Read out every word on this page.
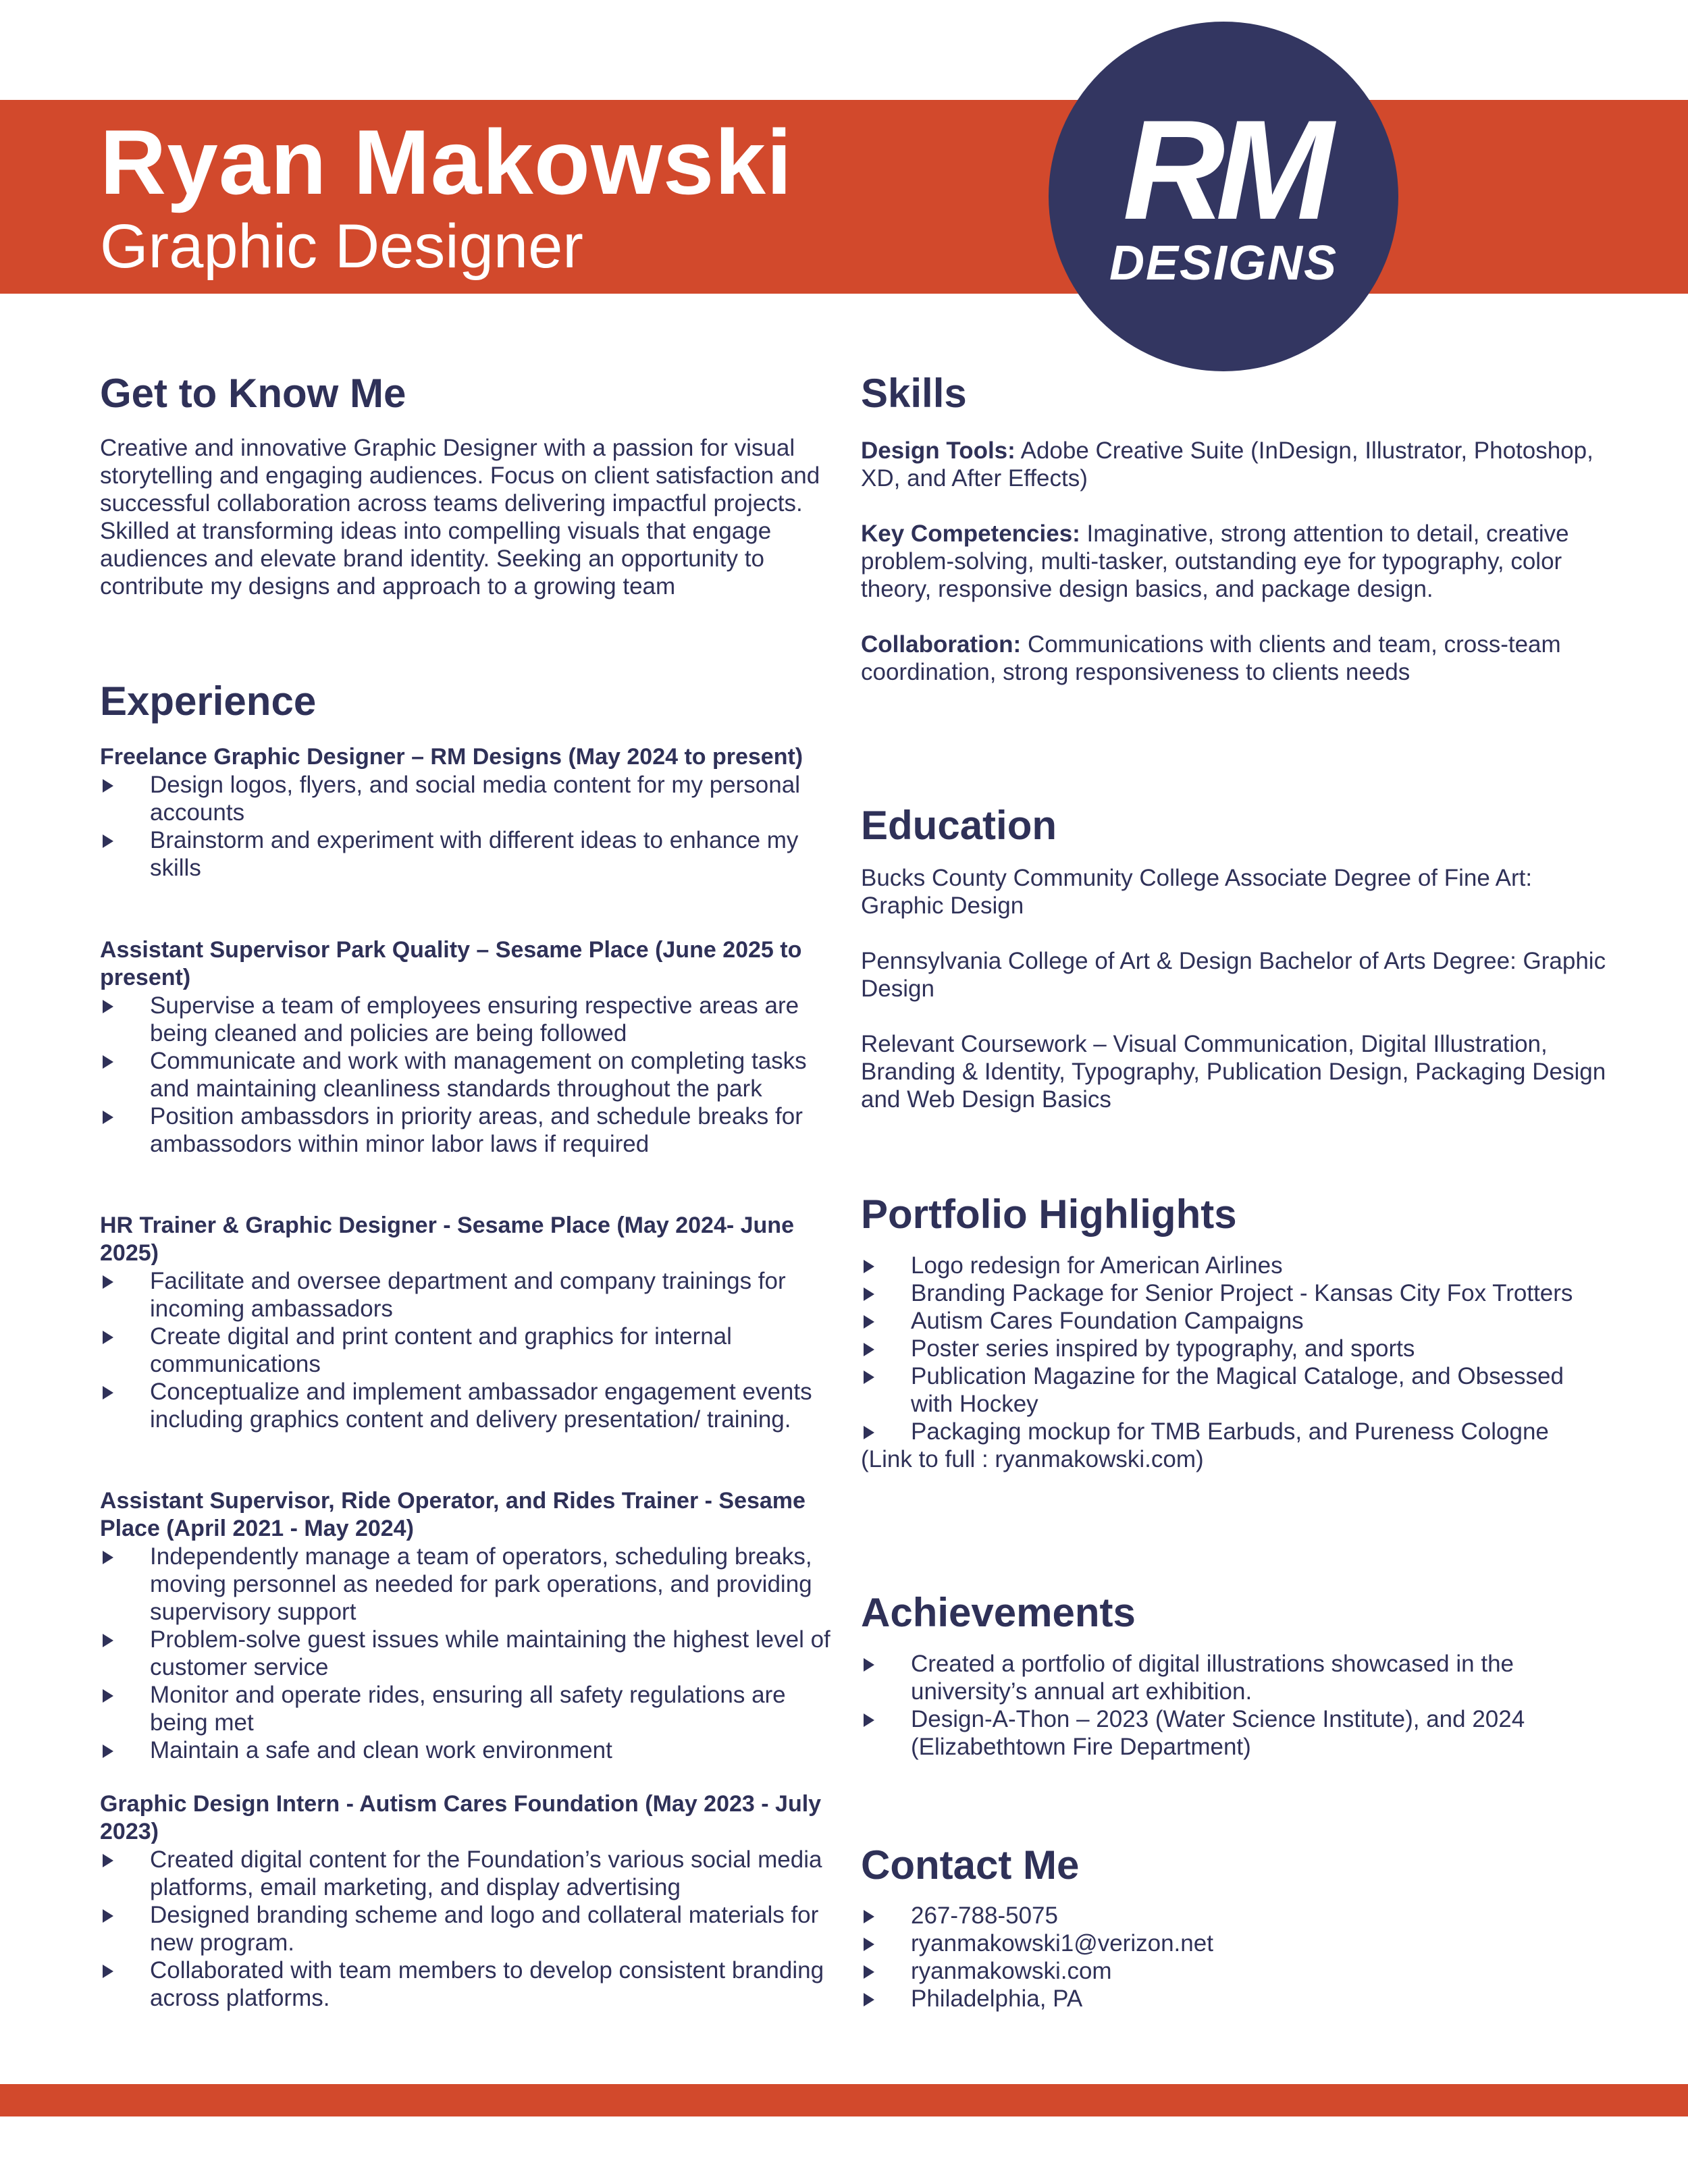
Ryan Makowski
Graphic Designer	RM
DESIGNS
Get to Know Me
Creative and innovative Graphic Designer with a passion for visual storytelling and engaging audiences. Focus on client satisfaction and successful collaboration across teams delivering impactful projects. Skilled at transforming ideas into compelling visuals that engage audiences and elevate brand identity. Seeking an opportunity to contribute my designs and approach to a growing team
Experience
Freelance Graphic Designer – RM Designs (May 2024 to present)
Design logos, flyers, and social media content for my personal accounts
Brainstorm and experiment with different ideas to enhance my skills
Assistant Supervisor Park Quality – Sesame Place (June 2025 to present)
Supervise a team of employees ensuring respective areas are being cleaned and policies are being followed
Communicate and work with management on completing tasks and maintaining cleanliness standards throughout the park
Position ambassdors in priority areas, and schedule breaks for ambassodors within minor labor laws if required
HR Trainer & Graphic Designer - Sesame Place (May 2024- June 2025)
Facilitate and oversee department and company trainings for incoming ambassadors
Create digital and print content and graphics for internal communications
Conceptualize and implement ambassador engagement events including graphics content and delivery presentation/ training.
Assistant Supervisor, Ride Operator, and Rides Trainer - Sesame Place (April 2021 - May 2024)
Independently manage a team of operators, scheduling breaks, moving personnel as needed for park operations, and providing supervisory support
Problem-solve guest issues while maintaining the highest level of customer service
Monitor and operate rides, ensuring all safety regulations are being met
Maintain a safe and clean work environment
Graphic Design Intern - Autism Cares Foundation (May 2023 - July 2023)
Created digital content for the Foundation’s various social media platforms, email marketing, and display advertising
Designed branding scheme and logo and collateral materials for new program.
Collaborated with team members to develop consistent branding across platforms.
Skills

Design Tools: Adobe Creative Suite (InDesign, Illustrator, Photoshop, XD, and After Effects)

Key Competencies: Imaginative, strong attention to detail, creative problem-solving, multi-tasker, outstanding eye for typography, color theory, responsive design basics, and package design.

Collaboration: Communications with clients and team, cross-team coordination, strong responsiveness to clients needs

Education

Bucks County Community College Associate Degree of Fine Art: Graphic Design

Pennsylvania College of Art & Design Bachelor of Arts Degree: Graphic Design

Relevant Coursework – Visual Communication, Digital Illustration, Branding & Identity, Typography, Publication Design, Packaging Design and Web Design Basics

Portfolio Highlights
Logo redesign for American Airlines
Branding Package for Senior Project - Kansas City Fox Trotters
Autism Cares Foundation Campaigns
Poster series inspired by typography, and sports
Publication Magazine for the Magical Cataloge, and Obsessed with Hockey
Packaging mockup for TMB Earbuds, and Pureness Cologne
(Link to full : ryanmakowski.com)
Achievements
Created a portfolio of digital illustrations showcased in the university’s annual art exhibition.
Design-A-Thon – 2023 (Water Science Institute), and 2024 (Elizabethtown Fire Department)
Contact Me
267-788-5075
ryanmakowski1@verizon.net
ryanmakowski.com
Philadelphia, PA
